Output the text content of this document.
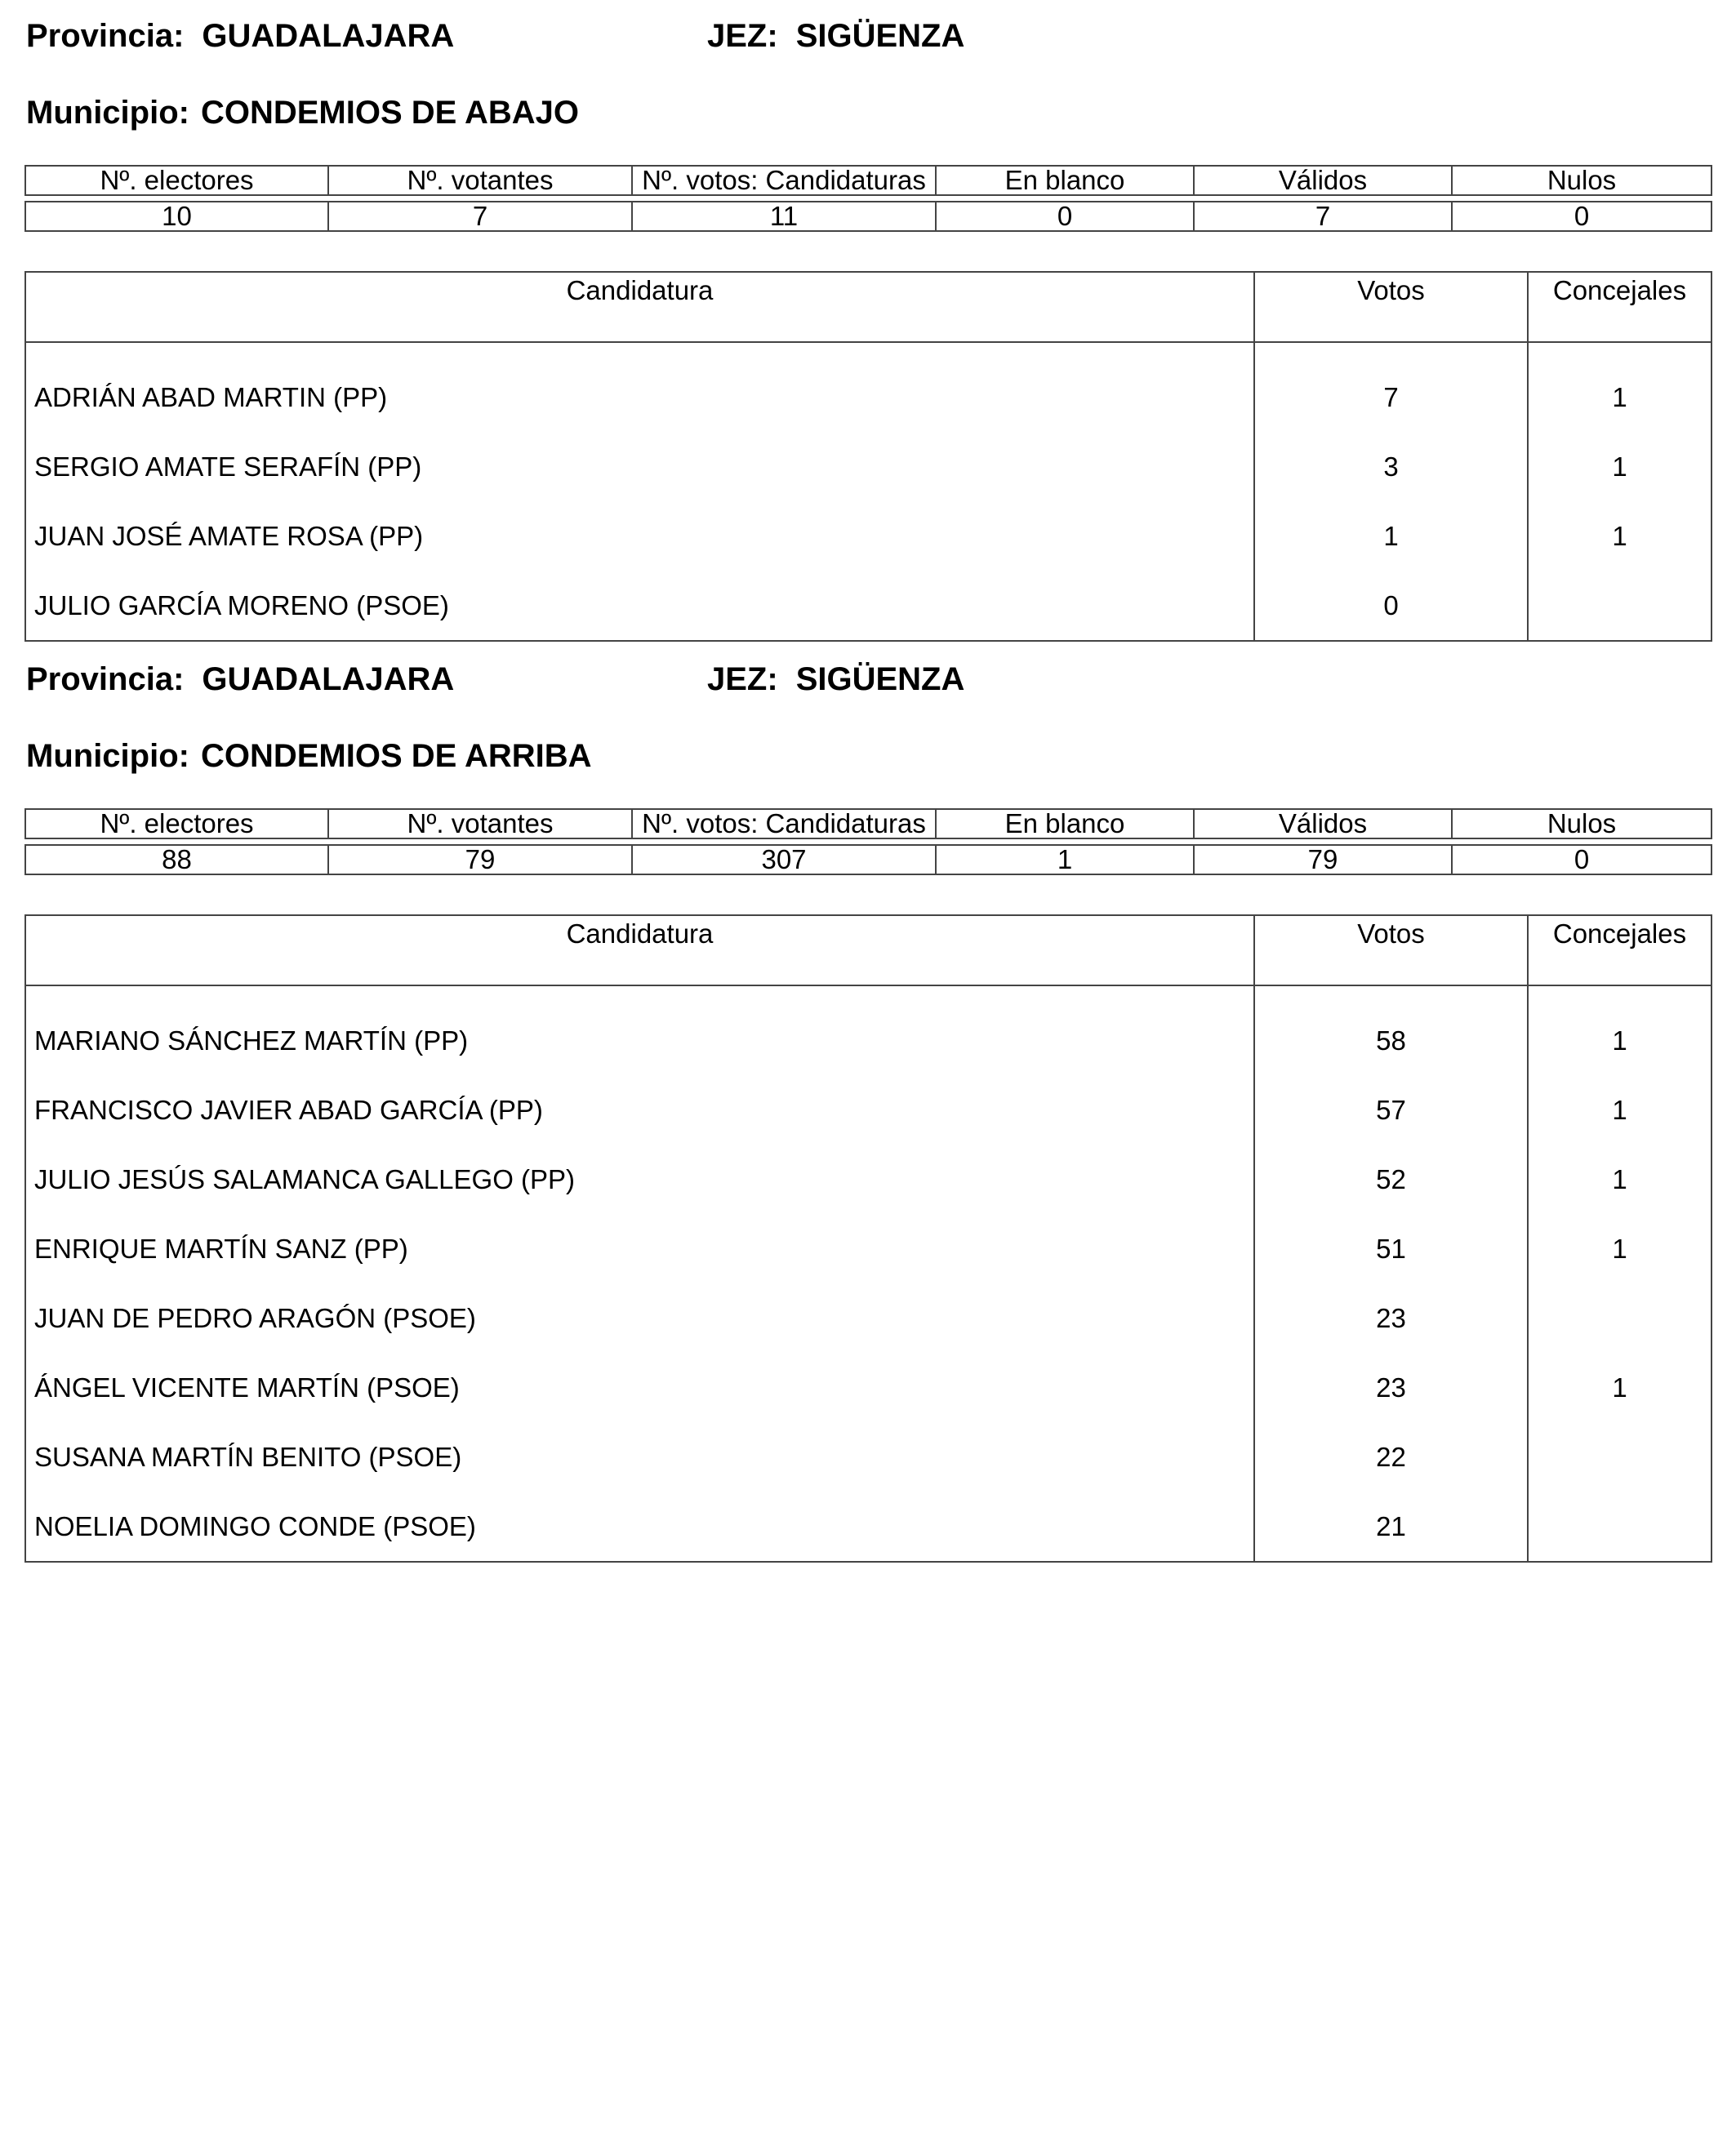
Provincia: GUADALAJARA	JEZ: SIGÜENZA
Municipio: CONDEMIOS DE ABAJO
Nº. electores	Nº. votantes	Nº. votos: Candidaturas	En blanco	Válidos	Nulos

10	7	11	0	7	0
Candidatura	Votos	Concejales
ADRIÁN ABAD MARTIN (PP)	7	1
SERGIO AMATE SERAFÍN (PP)	3	1
JUAN JOSÉ AMATE ROSA (PP)	1	1
JULIO GARCÍA MORENO (PSOE)	0	
Provincia: GUADALAJARA	JEZ: SIGÜENZA
Municipio: CONDEMIOS DE ARRIBA
Nº. electores	Nº. votantes	Nº. votos: Candidaturas	En blanco	Válidos	Nulos

88	79	307	1	79	0
Candidatura	Votos	Concejales
MARIANO SÁNCHEZ MARTÍN (PP)	58	1
FRANCISCO JAVIER ABAD GARCÍA (PP)	57	1
JULIO JESÚS SALAMANCA GALLEGO (PP)	52	1
ENRIQUE MARTÍN SANZ (PP)	51	1
JUAN DE PEDRO ARAGÓN (PSOE)	23	
ÁNGEL VICENTE MARTÍN (PSOE)	23	1
SUSANA MARTÍN BENITO (PSOE)	22	
NOELIA DOMINGO CONDE (PSOE)	21	
